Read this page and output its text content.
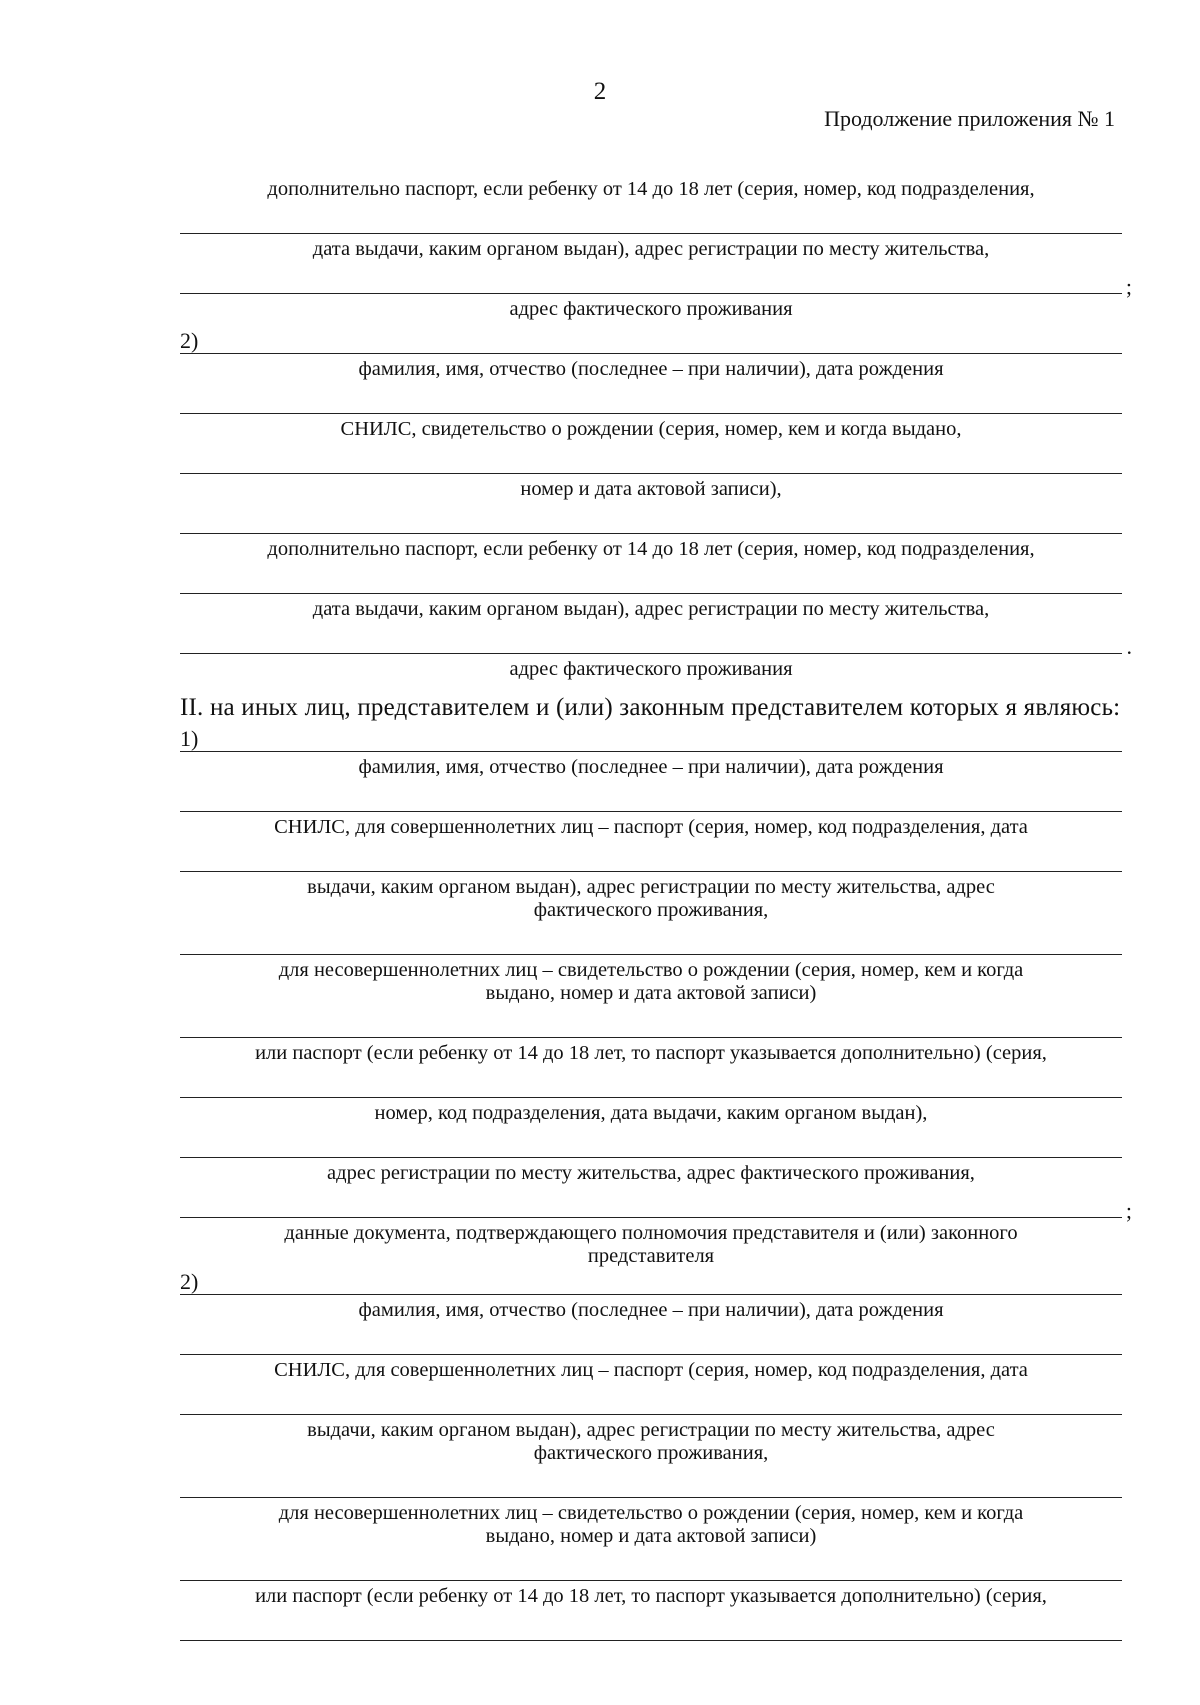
2
Продолжение приложения № 1
дополнительно паспорт, если ребенку от 14 до 18 лет (серия, номер, код подразделения,
дата выдачи, каким органом выдан), адрес регистрации по месту жительства,
;
адрес фактического проживания
2)
фамилия, имя, отчество (последнее – при наличии), дата рождения
СНИЛС, свидетельство о рождении (серия, номер, кем и когда выдано,
номер и дата актовой записи),
дополнительно паспорт, если ребенку от 14 до 18 лет (серия, номер, код подразделения,
дата выдачи, каким органом выдан), адрес регистрации по месту жительства,
.
адрес фактического проживания
II. на иных лиц, представителем и (или) законным представителем которых я являюсь:
1)
фамилия, имя, отчество (последнее – при наличии), дата рождения
СНИЛС, для совершеннолетних лиц – паспорт (серия, номер, код подразделения, дата
выдачи, каким органом выдан), адрес регистрации по месту жительства, адрес
фактического проживания,
для несовершеннолетних лиц – свидетельство о рождении (серия, номер, кем и когда
выдано, номер и дата актовой записи)
или паспорт (если ребенку от 14 до 18 лет, то паспорт указывается дополнительно) (серия,
номер, код подразделения, дата выдачи, каким органом выдан),
адрес регистрации по месту жительства, адрес фактического проживания,
;
данные документа, подтверждающего полномочия представителя и (или) законного
представителя
2)
фамилия, имя, отчество (последнее – при наличии), дата рождения
СНИЛС, для совершеннолетних лиц – паспорт (серия, номер, код подразделения, дата
выдачи, каким органом выдан), адрес регистрации по месту жительства, адрес
фактического проживания,
для несовершеннолетних лиц – свидетельство о рождении (серия, номер, кем и когда
выдано, номер и дата актовой записи)
или паспорт (если ребенку от 14 до 18 лет, то паспорт указывается дополнительно) (серия,
